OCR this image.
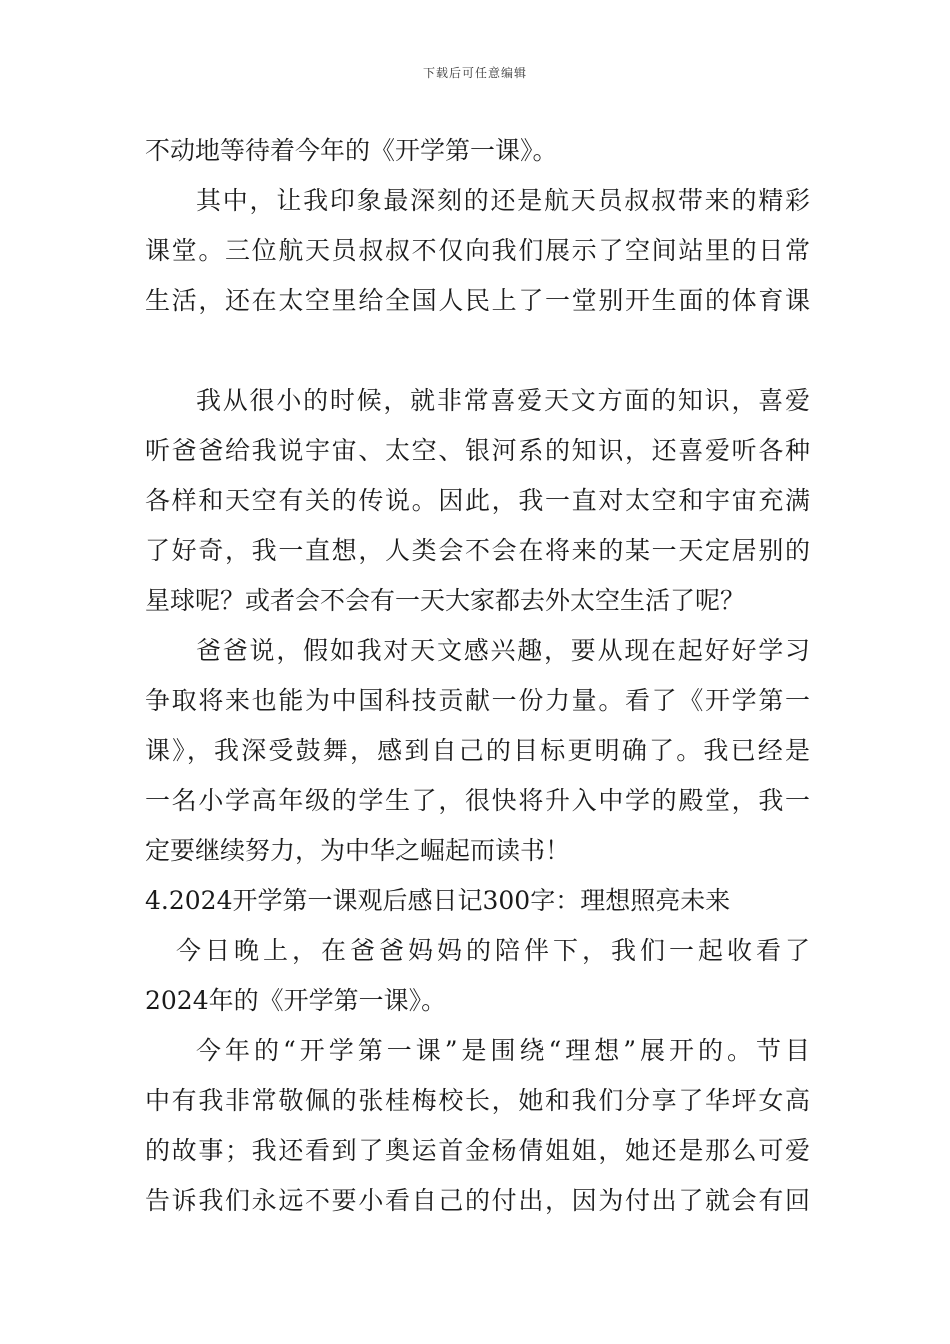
下载后可任意编辑
不动地等待着今年的《开学第一课》。
其中，让我印象最深刻的还是航天员叔叔带来的精彩
课堂。三位航天员叔叔不仅向我们展示了空间站里的日常
生活，还在太空里给全国人民上了一堂别开生面的体育课
我从很小的时候，就非常喜爱天文方面的知识，喜爱
听爸爸给我说宇宙、太空、银河系的知识，还喜爱听各种
各样和天空有关的传说。因此，我一直对太空和宇宙充满
了好奇，我一直想，人类会不会在将来的某一天定居别的
星球呢？或者会不会有一天大家都去外太空生活了呢？
爸爸说，假如我对天文感兴趣，要从现在起好好学习
争取将来也能为中国科技贡献一份力量。看了《开学第一
课》，我深受鼓舞，感到自己的目标更明确了。我已经是
一名小学高年级的学生了，很快将升入中学的殿堂，我一
定要继续努力，为中华之崛起而读书！
4.2024开学第一课观后感日记300字：理想照亮未来
今日晚上，在爸爸妈妈的陪伴下，我们一起收看了
2024年的《开学第一课》。
今年的“开学第一课”是围绕“理想”展开的。节目
中有我非常敬佩的张桂梅校长，她和我们分享了华坪女高
的故事；我还看到了奥运首金杨倩姐姐，她还是那么可爱
告诉我们永远不要小看自己的付出，因为付出了就会有回
